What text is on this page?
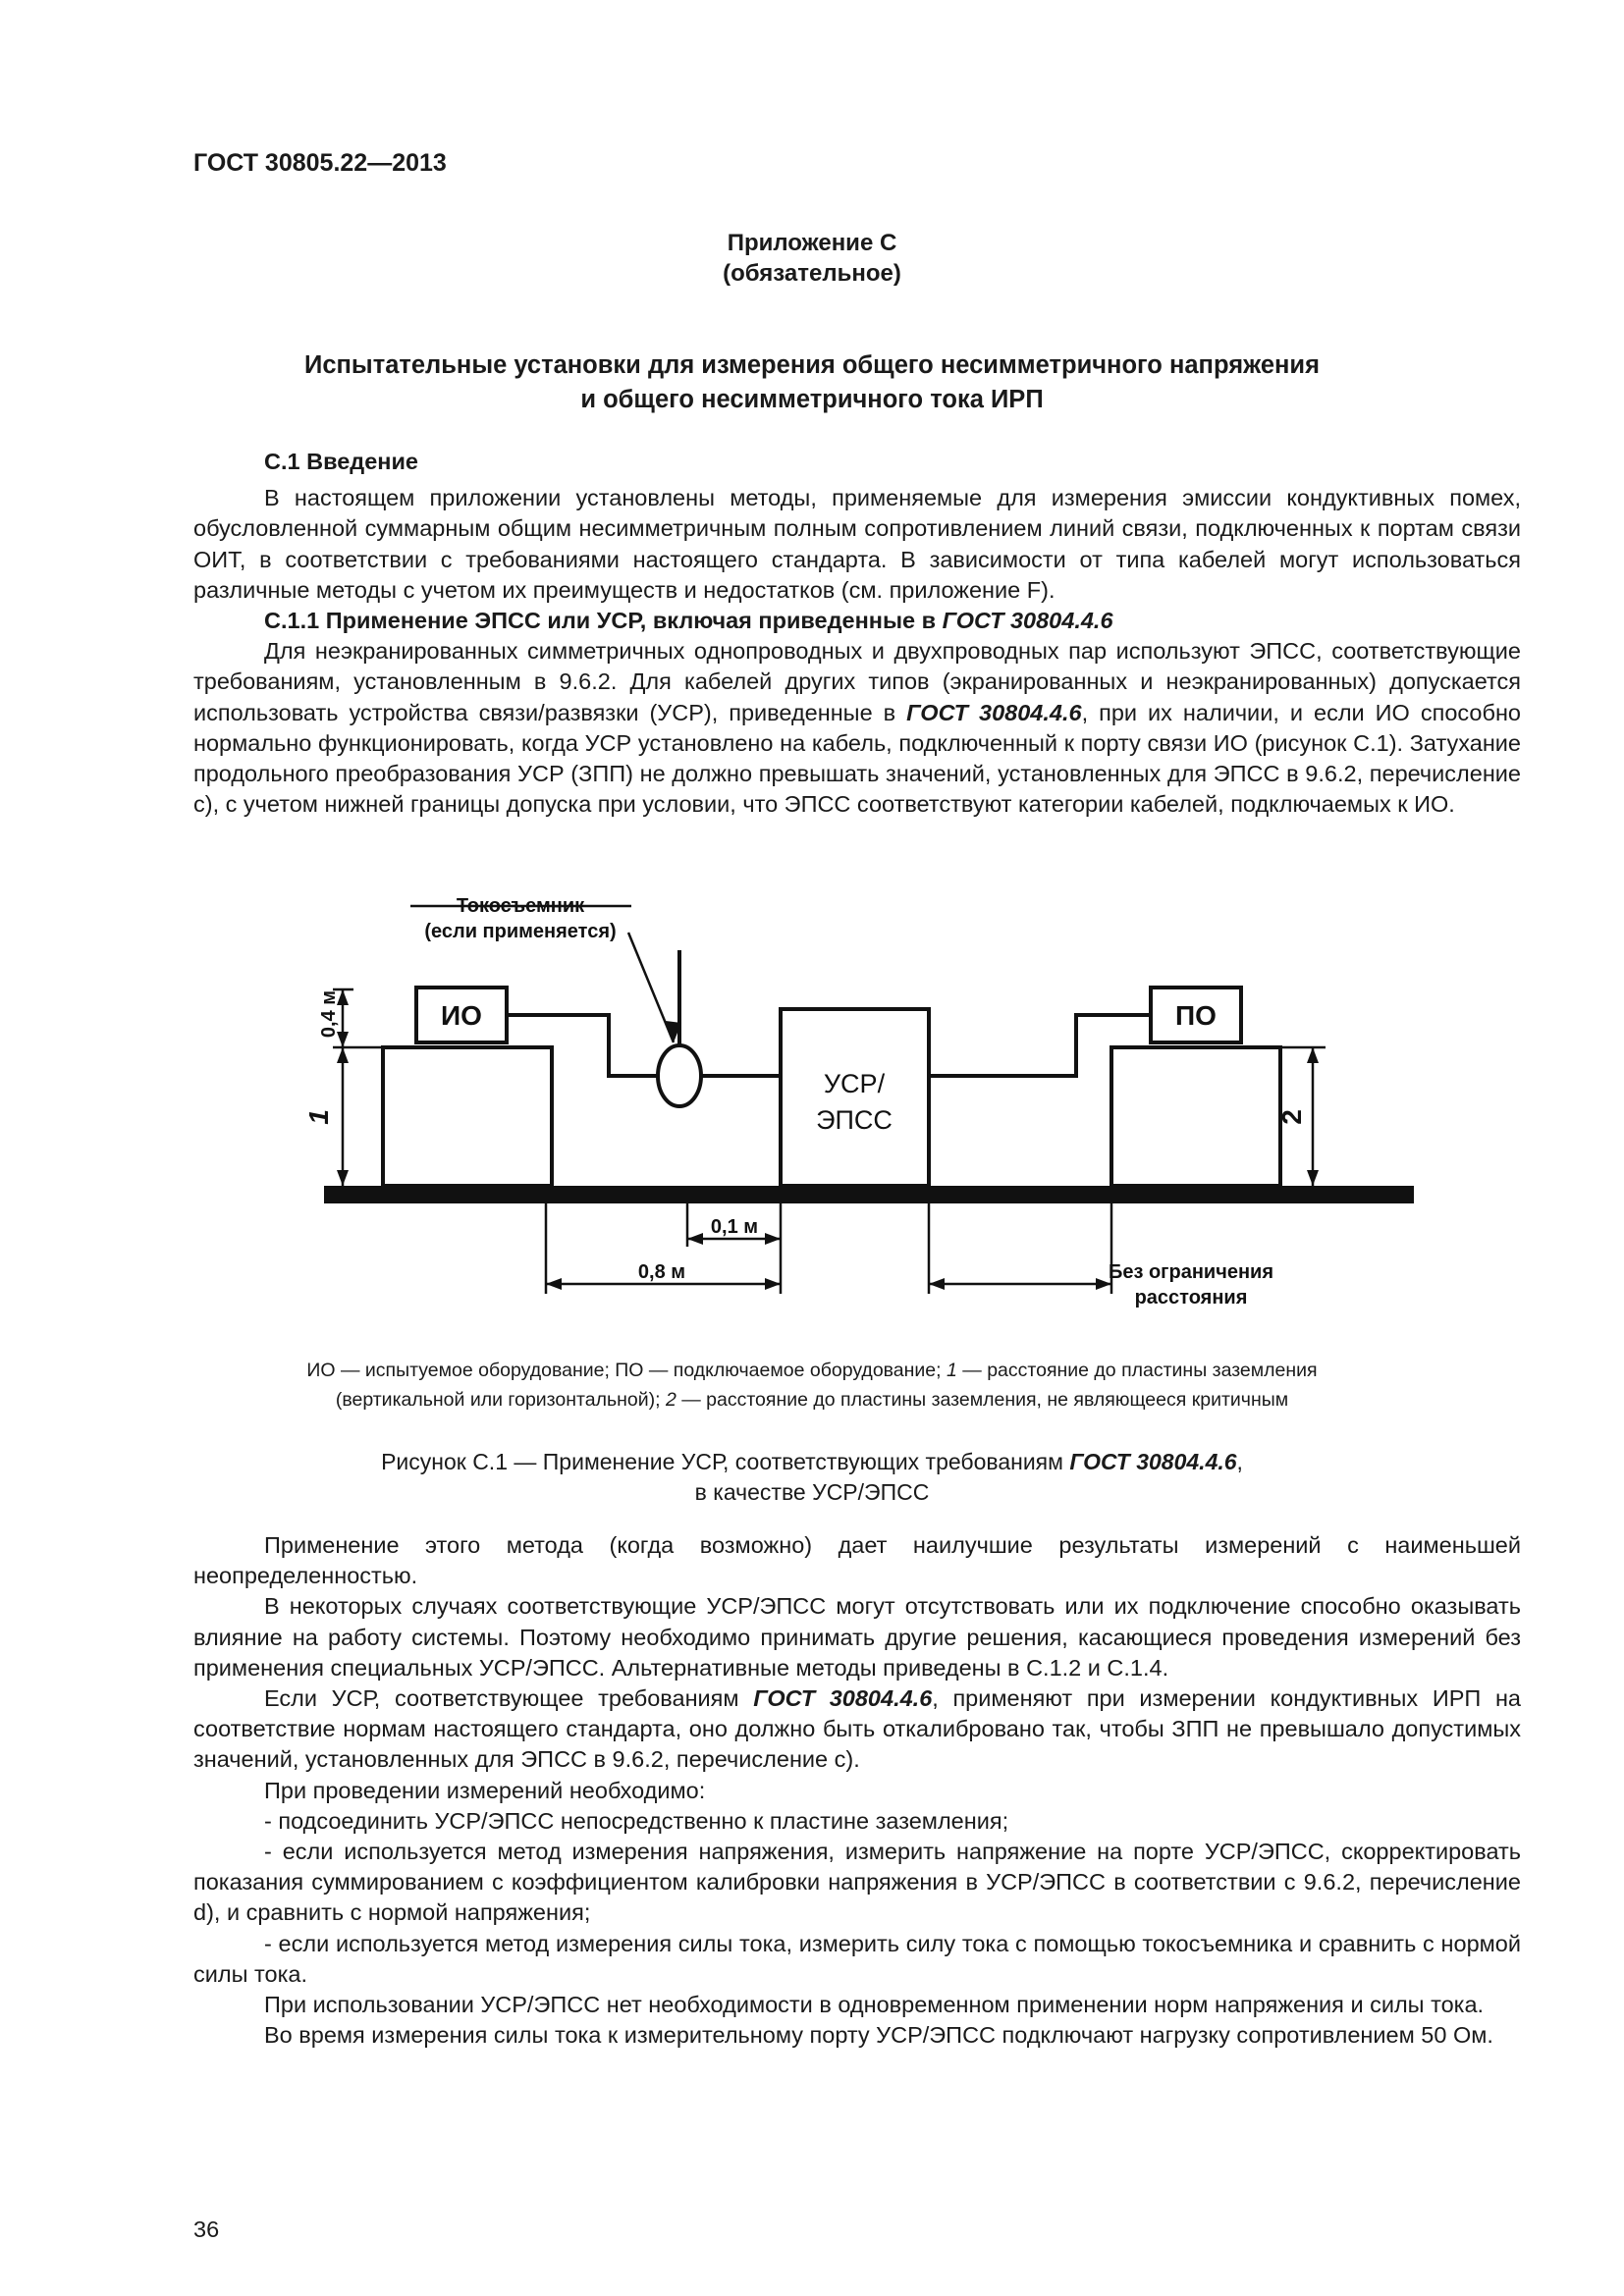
ГОСТ 30805.22—2013
Приложение С
(обязательное)
Испытательные установки для измерения общего несимметричного напряжения
и общего несимметричного тока ИРП

С.1 Введение

В настоящем приложении установлены методы, применяемые для измерения эмиссии кондуктивных помех, обусловленной суммарным общим несимметричным полным сопротивлением линий связи, подключенных к портам связи ОИТ, в соответствии с требованиями настоящего стандарта. В зависимости от типа кабелей могут использоваться различные методы с учетом их преимуществ и недостатков (см. приложение F).

С.1.1 Применение ЭПСС или УСР, включая приведенные в ГОСТ 30804.4.6

Для неэкранированных симметричных однопроводных и двухпроводных пар используют ЭПСС, соответствующие требованиям, установленным в 9.6.2. Для кабелей других типов (экранированных и неэкранированных) допускается использовать устройства связи/развязки (УСР), приведенные в ГОСТ 30804.4.6, при их наличии, и если ИО способно нормально функционировать, когда УСР установлено на кабель, подключенный к порту связи ИО (рисунок С.1). Затухание продольного преобразования УСР (ЗПП) не должно превышать значений, установленных для ЭПСС в 9.6.2, перечисление с), с учетом нижней границы допуска при условии, что ЭПСС соответствуют категории кабелей, подключаемых к ИО.

Токосъемник
(если применяется)
ИО	ПО
УСР/
ЭПСС
0,4 м
1	2
0,1 м
0,8 м	Без ограничения
расстояния
ИО — испытуемое оборудование; ПО — подключаемое оборудование; 1 — расстояние до пластины заземления
(вертикальной или горизонтальной); 2 — расстояние до пластины заземления, не являющееся критичным
Рисунок С.1 — Применение УСР, соответствующих требованиям ГОСТ 30804.4.6,
в качестве УСР/ЭПСС

Применение этого метода (когда возможно) дает наилучшие результаты измерений с наименьшей неопределенностью.

В некоторых случаях соответствующие УСР/ЭПСС могут отсутствовать или их подключение способно оказывать влияние на работу системы. Поэтому необходимо принимать другие решения, касающиеся проведения измерений без применения специальных УСР/ЭПСС. Альтернативные методы приведены в С.1.2 и С.1.4.

Если УСР, соответствующее требованиям ГОСТ 30804.4.6, применяют при измерении кондуктивных ИРП на соответствие нормам настоящего стандарта, оно должно быть откалибровано так, чтобы ЗПП не превышало допустимых значений, установленных для ЭПСС в 9.6.2, перечисление с).

При проведении измерений необходимо:

- подсоединить УСР/ЭПСС непосредственно к пластине заземления;

- если используется метод измерения напряжения, измерить напряжение на порте УСР/ЭПСС, скорректировать показания суммированием с коэффициентом калибровки напряжения в УСР/ЭПСС в соответствии с 9.6.2, перечисление d), и сравнить с нормой напряжения;

- если используется метод измерения силы тока, измерить силу тока с помощью токосъемника и сравнить с нормой силы тока.

При использовании УСР/ЭПСС нет необходимости в одновременном применении норм напряжения и силы тока.

Во время измерения силы тока к измерительному порту УСР/ЭПСС подключают нагрузку сопротивлением 50 Ом.

36
